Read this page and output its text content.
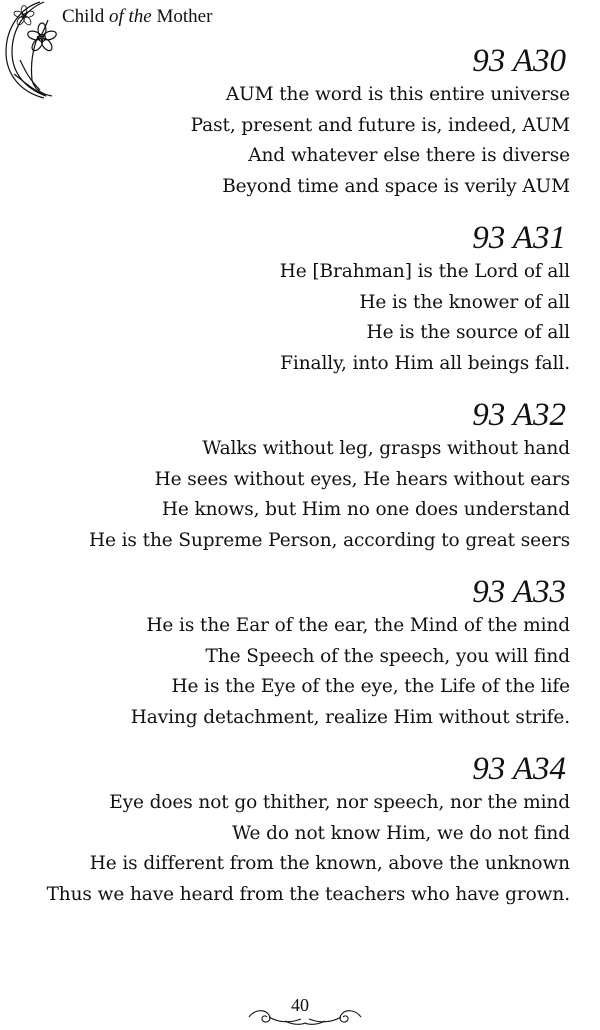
Child of the Mother
93 A30
AUM the word is this entire universe
Past, present and future is, indeed, AUM
And whatever else there is diverse
Beyond time and space is verily AUM
93 A31
He [Brahman] is the Lord of all
He is the knower of all
He is the source of all
Finally, into Him all beings fall.
93 A32
Walks without leg, grasps without hand
He sees without eyes, He hears without ears
He knows, but Him no one does understand
He is the Supreme Person, according to great seers
93 A33
He is the Ear of the ear, the Mind of the mind
The Speech of the speech, you will find
He is the Eye of the eye, the Life of the life
Having detachment, realize Him without strife.
93 A34
Eye does not go thither, nor speech, nor the mind
We do not know Him, we do not find
He is different from the known, above the unknown
Thus we have heard from the teachers who have grown.
40
